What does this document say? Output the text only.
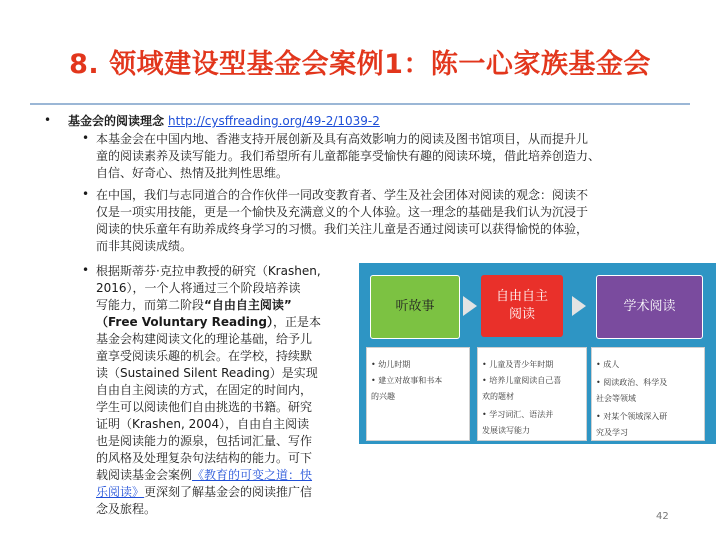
8. 领域建设型基金会案例1：陈一心家族基金会
• 基金会的阅读理念 http://cysffreading.org/49-2/1039-2
• 本基金会在中国内地、香港支持开展创新及具有高效影响力的阅读及图书馆项目，从而提升儿
童的阅读素养及读写能力。我们希望所有儿童都能享受愉快有趣的阅读环境，借此培养创造力、
自信、好奇心、热情及批判性思维。
• 在中国，我们与志同道合的合作伙伴一同改变教育者、学生及社会团体对阅读的观念：阅读不
仅是一项实用技能，更是一个愉快及充满意义的个人体验。这一理念的基础是我们认为沉浸于
阅读的快乐童年有助养成终身学习的习惯。我们关注儿童是否通过阅读可以获得愉悦的体验，
而非其阅读成绩。
• 根据斯蒂芬·克拉申教授的研究（Krashen,
2016），一个人将通过三个阶段培养读
写能力，而第二阶段“自由自主阅读”
（Free Voluntary Reading），正是本
基金会构建阅读文化的理论基础，给予儿
童享受阅读乐趣的机会。在学校，持续默
读（Sustained Silent Reading）是实现
自由自主阅读的方式，在固定的时间内，
学生可以阅读他们自由挑选的书籍。研究
证明（Krashen, 2004），自由自主阅读
也是阅读能力的源泉，包括词汇量、写作
的风格及处理复杂句法结构的能力。可下
载阅读基金会案例《教育的可变之道：快
乐阅读》更深刻了解基金会的阅读推广信
念及旅程。
听故事
自由自主
阅读
学术阅读
• 幼儿时期
• 建立对故事和书本
的兴趣
• 儿童及青少年时期
• 培养儿童阅读自己喜
欢的题材
• 学习词汇、语法并
发展读写能力
• 成人
• 阅读政治、科学及
社会等领域
• 对某个领域深入研
究及学习
42
